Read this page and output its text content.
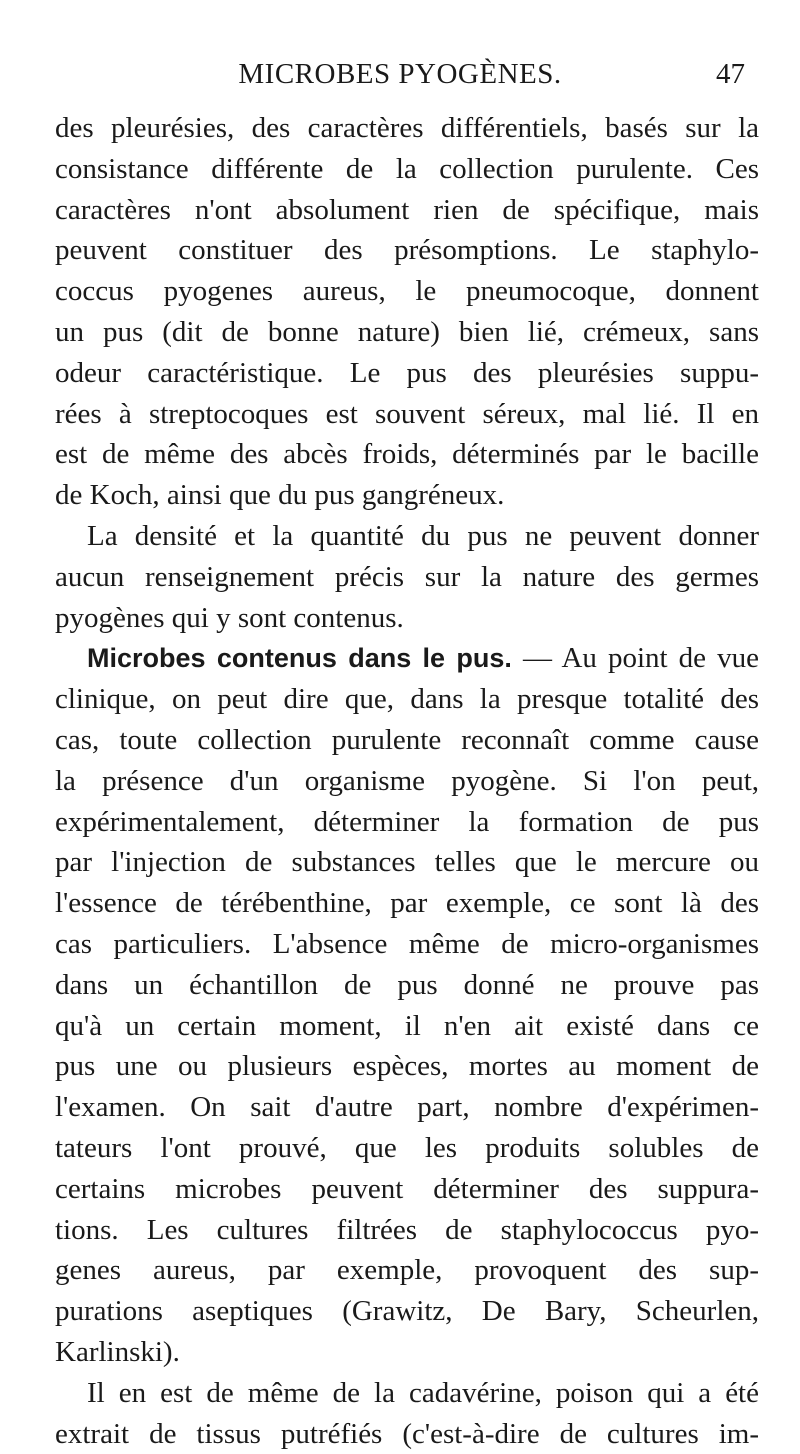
MICROBES PYOGÈNES.	47
des pleurésies, des caractères différentiels, basés sur la
consistance différente de la collection purulente. Ces
caractères n'ont absolument rien de spécifique, mais
peuvent constituer des présomptions. Le staphylo-
coccus pyogenes aureus, le pneumocoque, donnent
un pus (dit de bonne nature) bien lié, crémeux, sans
odeur caractéristique. Le pus des pleurésies suppu-
rées à streptocoques est souvent séreux, mal lié. Il en
est de même des abcès froids, déterminés par le bacille
de Koch, ainsi que du pus gangréneux.
La densité et la quantité du pus ne peuvent donner
aucun renseignement précis sur la nature des germes
pyogènes qui y sont contenus.
Microbes contenus dans le pus. — Au point de vue
clinique, on peut dire que, dans la presque totalité des
cas, toute collection purulente reconnaît comme cause
la présence d'un organisme pyogène. Si l'on peut,
expérimentalement, déterminer la formation de pus
par l'injection de substances telles que le mercure ou
l'essence de térébenthine, par exemple, ce sont là des
cas particuliers. L'absence même de micro-organismes
dans un échantillon de pus donné ne prouve pas
qu'à un certain moment, il n'en ait existé dans ce
pus une ou plusieurs espèces, mortes au moment de
l'examen. On sait d'autre part, nombre d'expérimen-
tateurs l'ont prouvé, que les produits solubles de
certains microbes peuvent déterminer des suppura-
tions. Les cultures filtrées de staphylococcus pyo-
genes aureus, par exemple, provoquent des sup-
purations aseptiques (Grawitz, De Bary, Scheurlen,
Karlinski).
Il en est de même de la cadavérine, poison qui a été
extrait de tissus putréfiés (c'est-à-dire de cultures im-
